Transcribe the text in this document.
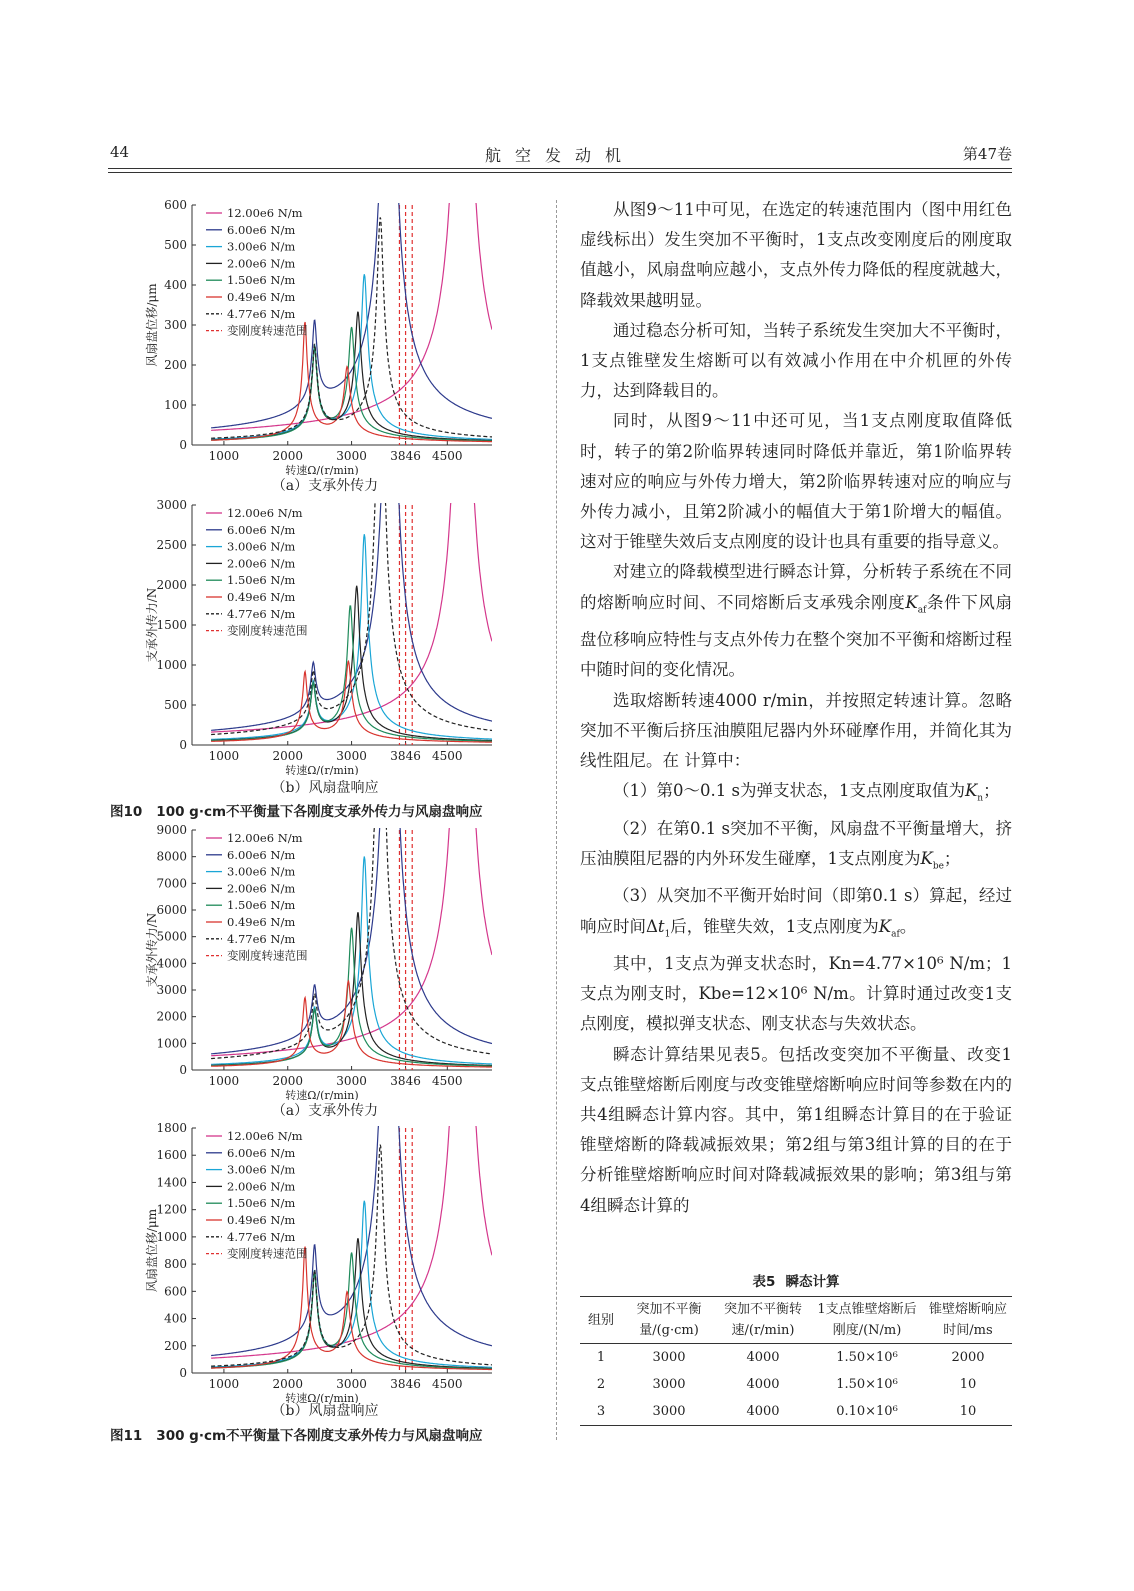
44	航空发动机	第47卷
0
100
200
300
400
500
600
1000	2000	3000 3846 4500
转速Ω/(r/min)
风扇盘位移/μm
12.00e6 N/m
6.00e6 N/m
3.00e6 N/m
2.00e6 N/m
1.50e6 N/m
0.49e6 N/m
4.77e6 N/m
变刚度转速范围
（a）支承外传力
0
500
1000
1500
2000
2500
3000
1000	2000	3000 3846 4500
转速Ω/(r/min)
支承外传力/N
12.00e6 N/m
6.00e6 N/m
3.00e6 N/m
2.00e6 N/m
1.50e6 N/m
0.49e6 N/m
4.77e6 N/m
变刚度转速范围
（b）风扇盘响应
图10 100 g·cm不平衡量下各刚度支承外传力与风扇盘响应
0
1000
2000
3000
4000
5000
6000
7000
8000
9000
1000	2000	3000 3846 4500
转速Ω/(r/min)
支承外传力/N
12.00e6 N/m
6.00e6 N/m
3.00e6 N/m
2.00e6 N/m
1.50e6 N/m
0.49e6 N/m
4.77e6 N/m
变刚度转速范围
（a）支承外传力
0
200
400
600
800
1000
1200
1400
1600
1800
1000	2000	3000 3846 4500
转速Ω/(r/min)
风扇盘位移/μm
12.00e6 N/m
6.00e6 N/m
3.00e6 N/m
2.00e6 N/m
1.50e6 N/m
0.49e6 N/m
4.77e6 N/m
变刚度转速范围
（b）风扇盘响应
图11 300 g·cm不平衡量下各刚度支承外传力与风扇盘响应

从图9～11中可见，在选定的转速范围内（图中用红色虚线标出）发生突加不平衡时，1支点改变刚度后的刚度取值越小，风扇盘响应越小，支点外传力降低的程度就越大，降载效果越明显。

通过稳态分析可知，当转子系统发生突加大不平衡时，1支点锥壁发生熔断可以有效减小作用在中介机匣的外传力，达到降载目的。

同时，从图9～11中还可见，当1支点刚度取值降低时，转子的第2阶临界转速同时降低并靠近，第1阶临界转速对应的响应与外传力增大，第2阶临界转速对应的响应与外传力减小，且第2阶减小的幅值大于第1阶增大的幅值。这对于锥壁失效后支点刚度的设计也具有重要的指导意义。

对建立的降载模型进行瞬态计算，分析转子系统在不同的熔断响应时间、不同熔断后支承残余刚度$K_{af}$条件下风扇盘位移响应特性与支点外传力在整个突加不平衡和熔断过程中随时间的变化情况。

选取熔断转速4000 r/min，并按照定转速计算。忽略突加不平衡后挤压油膜阻尼器内外环碰摩作用，并简化其为线性阻尼。在 计算中：

（1）第0～0.1 s为弹支状态，1支点刚度取值为$K_n$；

（2）在第0.1 s突加不平衡，风扇盘不平衡量增大，挤压油膜阻尼器的内外环发生碰摩，1支点刚度为$K_{be}$；

（3）从突加不平衡开始时间（即第0.1 s）算起，经过响应时间$\Delta t_1$后，锥壁失效，1支点刚度为$K_{af}$。

其中，1支点为弹支状态时，Kn=4.77×10⁶ N/m；1支点为刚支时，Kbe=12×10⁶ N/m。计算时通过改变1支点刚度，模拟弹支状态、刚支状态与失效状态。

瞬态计算结果见表5。包括改变突加不平衡量、改变1支点锥壁熔断后刚度与改变锥壁熔断响应时间等参数在内的共4组瞬态计算内容。其中，第1组瞬态计算目的在于验证锥壁熔断的降载减振效果；第2组与第3组计算的目的在于分析锥壁熔断响应时间对降载减振效果的影响；第3组与第4组瞬态计算的

表5 瞬态计算
组别	突加不平衡量/(g·cm)	突加不平衡转速/(r/min)	1支点锥壁熔断后刚度/(N/m)	锥壁熔断响应时间/ms
1	3000	4000	1.50×10⁶	2000
2	3000	4000	1.50×10⁶	10
3	3000	4000	0.10×10⁶	10
